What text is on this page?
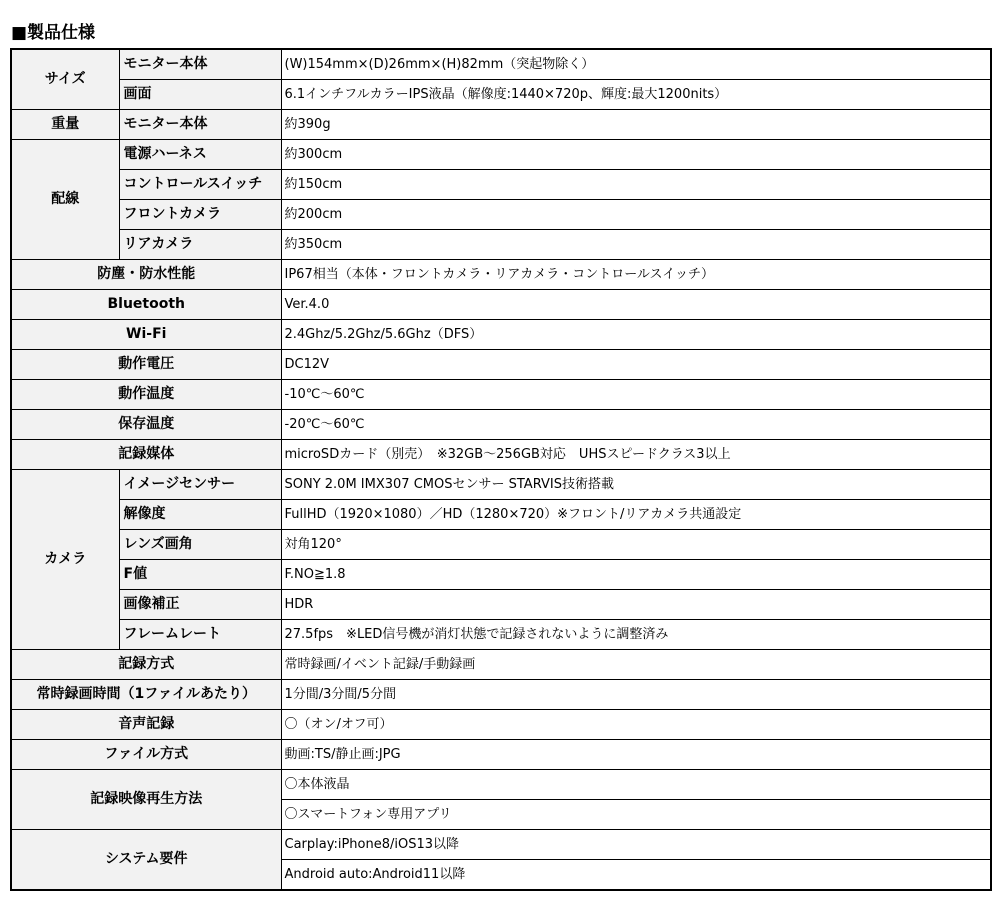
■製品仕様
サイズ	モニター本体	(W)154mm×(D)26mm×(H)82mm（突起物除く）
	画面	6.1インチフルカラーIPS液晶（解像度:1440×720p、輝度:最大1200nits）
重量	モニター本体	約390g
配線	電源ハーネス	約300cm
	コントロールスイッチ	約150cm
	フロントカメラ	約200cm
	リアカメラ	約350cm
防塵・防水性能		IP67相当（本体・フロントカメラ・リアカメラ・コントロールスイッチ）
Bluetooth		Ver.4.0
Wi-Fi		2.4Ghz/5.2Ghz/5.6Ghz（DFS）
動作電圧		DC12V
動作温度		-10℃～60℃
保存温度		-20℃～60℃
記録媒体		microSDカード（別売）　※32GB～256GB対応　UHSスピードクラス3以上
カメラ	イメージセンサー	SONY 2.0M IMX307 CMOSセンサー STARVIS技術搭載
	解像度	FullHD（1920×1080）／HD（1280×720）※フロント/リアカメラ共通設定
	レンズ画角	対角120°
	F値	F.NO≧1.8
	画像補正	HDR
	フレームレート	27.5fps　※LED信号機が消灯状態で記録されないように調整済み
記録方式		常時録画/イベント記録/手動録画
常時録画時間（1ファイルあたり）		1分間/3分間/5分間
音声記録		〇（オン/オフ可）
ファイル方式		動画:TS/静止画:JPG
記録映像再生方法		〇本体液晶
		〇スマートフォン専用アプリ
システム要件		Carplay:iPhone8/iOS13以降
		Android auto:Android11以降
